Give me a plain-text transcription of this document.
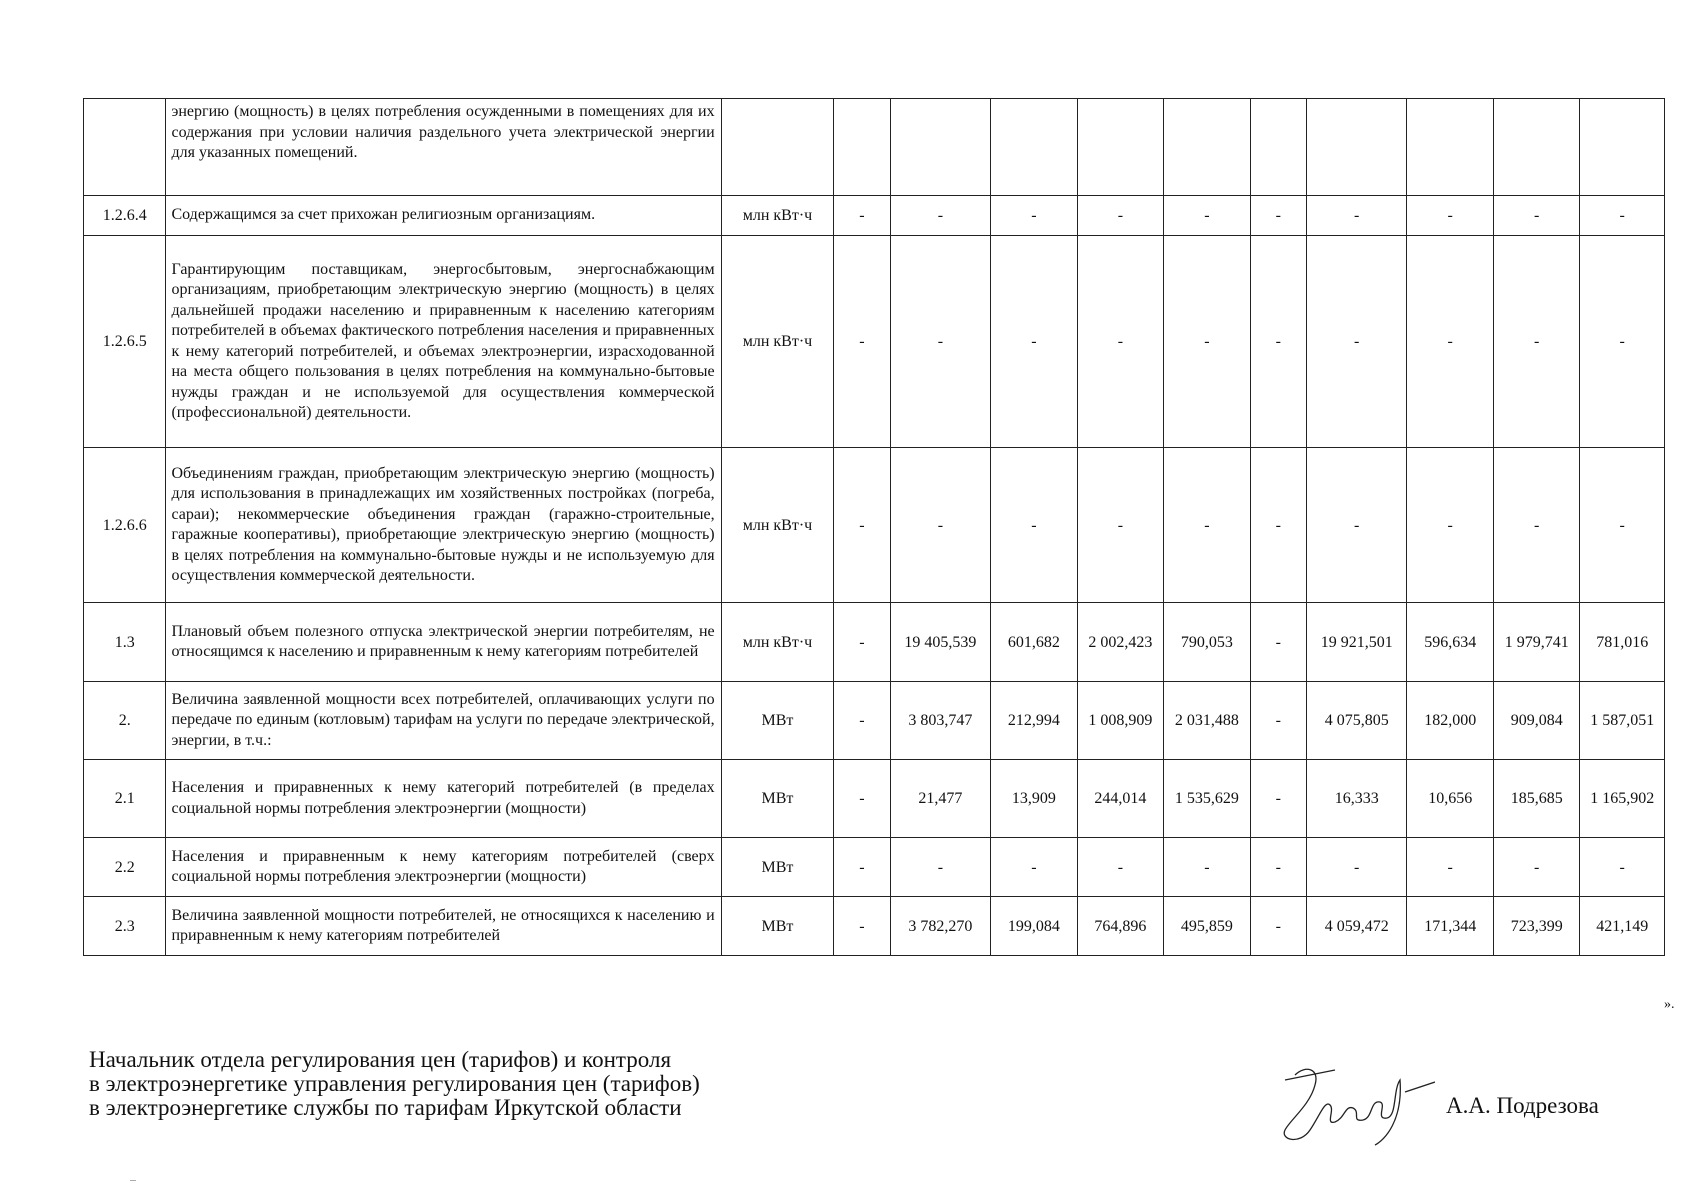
	энергию (мощность) в целях потребления осужденными в помещениях для их содержания при условии наличия раздельного учета электрической энергии для указанных помещений.											
1.2.6.4	Содержащимся за счет прихожан религиозным организациям.	млн кВт·ч	-	-	-	-	-	-	-	-	-	-
1.2.6.5	Гарантирующим поставщикам, энергосбытовым, энергоснабжающим организациям, приобретающим электрическую энергию (мощность) в целях дальнейшей продажи населению и приравненным к населению категориям потребителей в объемах фактического потребления населения и приравненных к нему категорий потребителей, и объемах электроэнергии, израсходованной на места общего пользования в целях потребления на коммунально-бытовые нужды граждан и не используемой для осуществления коммерческой (профессиональной) деятельности.	млн кВт·ч	-	-	-	-	-	-	-	-	-	-
1.2.6.6	Объединениям граждан, приобретающим электрическую энергию (мощность) для использования в принадлежащих им хозяйственных постройках (погреба, сараи); некоммерческие объединения граждан (гаражно-строительные, гаражные кооперативы), приобретающие электрическую энергию (мощность) в целях потребления на коммунально-бытовые нужды и не используемую для осуществления коммерческой деятельности.	млн кВт·ч	-	-	-	-	-	-	-	-	-	-
1.3	Плановый объем полезного отпуска электрической энергии потребителям, не относящимся к населению и приравненным к нему категориям потребителей	млн кВт·ч	-	19 405,539	601,682	2 002,423	790,053	-	19 921,501	596,634	1 979,741	781,016
2.	Величина заявленной мощности всех потребителей, оплачивающих услуги по передаче по единым (котловым) тарифам на услуги по передаче электрической, энергии, в т.ч.:	МВт	-	3 803,747	212,994	1 008,909	2 031,488	-	4 075,805	182,000	909,084	1 587,051
2.1	Населения и приравненных к нему категорий потребителей (в пределах социальной нормы потребления электроэнергии (мощности)	МВт	-	21,477	13,909	244,014	1 535,629	-	16,333	10,656	185,685	1 165,902
2.2	Населения и приравненным к нему категориям потребителей (сверх социальной нормы потребления электроэнергии (мощности)	МВт	-	-	-	-	-	-	-	-	-	-
2.3	Величина заявленной мощности потребителей, не относящихся к населению и приравненным к нему категориям потребителей	МВт	-	3 782,270	199,084	764,896	495,859	-	4 059,472	171,344	723,399	421,149
».
Начальник отдела регулирования цен (тарифов) и контроля
в электроэнергетике управления регулирования цен (тарифов)
в электроэнергетике службы по тарифам Иркутской области	А.А. Подрезова
